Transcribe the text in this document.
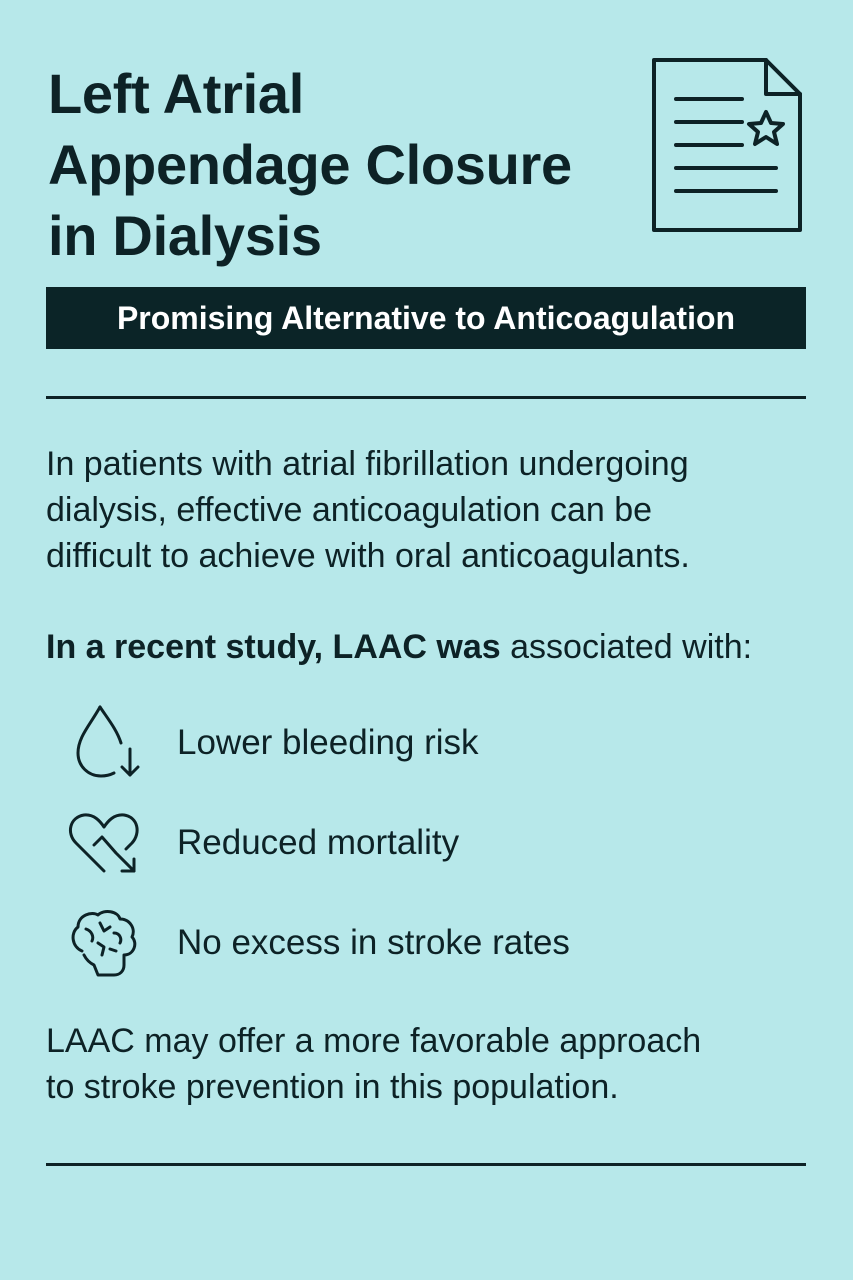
Left Atrial
Appendage Closure
in Dialysis
Promising Alternative to Anticoagulation

In patients with atrial fibrillation undergoing
dialysis, effective anticoagulation can be
difficult to achieve with oral anticoagulants.

In a recent study, LAAC was associated with:

Lower bleeding risk
Reduced mortality
No excess in stroke rates

LAAC may offer a more favorable approach
to stroke prevention in this population.
